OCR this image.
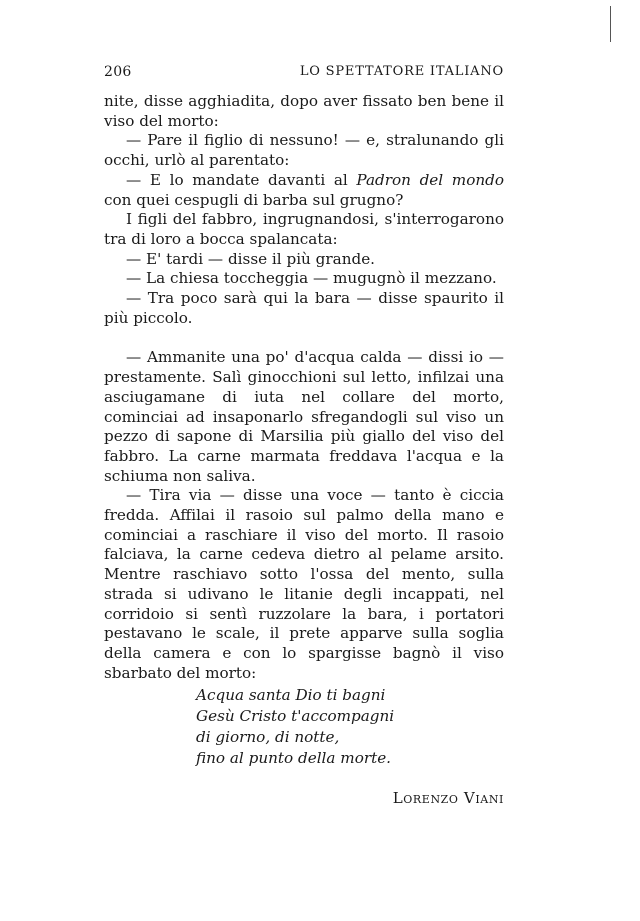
206	LO SPETTATORE ITALIANO

nite, disse agghiadita, dopo aver fissato ben bene il viso del morto:

— Pare il figlio di nessuno! — e, stralunando gli occhi, urlò al parentato:

— E lo mandate davanti al Padron del mondo con quei cespugli di barba sul grugno?

I figli del fabbro, ingrugnandosi, s'interrogarono tra di loro a bocca spalancata:

— E' tardi — disse il più grande.

— La chiesa toccheggia — mugugnò il mezzano.

— Tra poco sarà qui la bara — disse spaurito il più piccolo.

— Ammanite una po' d'acqua calda — dissi io — prestamente. Salì ginocchioni sul letto, infilzai una asciugamane di iuta nel collare del morto, cominciai ad insaponarlo sfregandogli sul viso un pezzo di sapone di Marsilia più giallo del viso del fabbro. La carne marmata freddava l'acqua e la schiuma non saliva.

— Tira via — disse una voce — tanto è ciccia fredda. Affilai il rasoio sul palmo della mano e cominciai a raschiare il viso del morto. Il rasoio falciava, la carne cedeva dietro al pelame arsito. Mentre raschiavo sotto l'ossa del mento, sulla strada si udivano le litanie degli incappati, nel corridoio si sentì ruzzolare la bara, i portatori pestavano le scale, il prete apparve sulla soglia della camera e con lo spargisse bagnò il viso sbarbato del morto:

Acqua santa Dio ti bagni
Gesù Cristo t'accompagni
di giorno, di notte,
fino al punto della morte.
Lorenzo Viani
